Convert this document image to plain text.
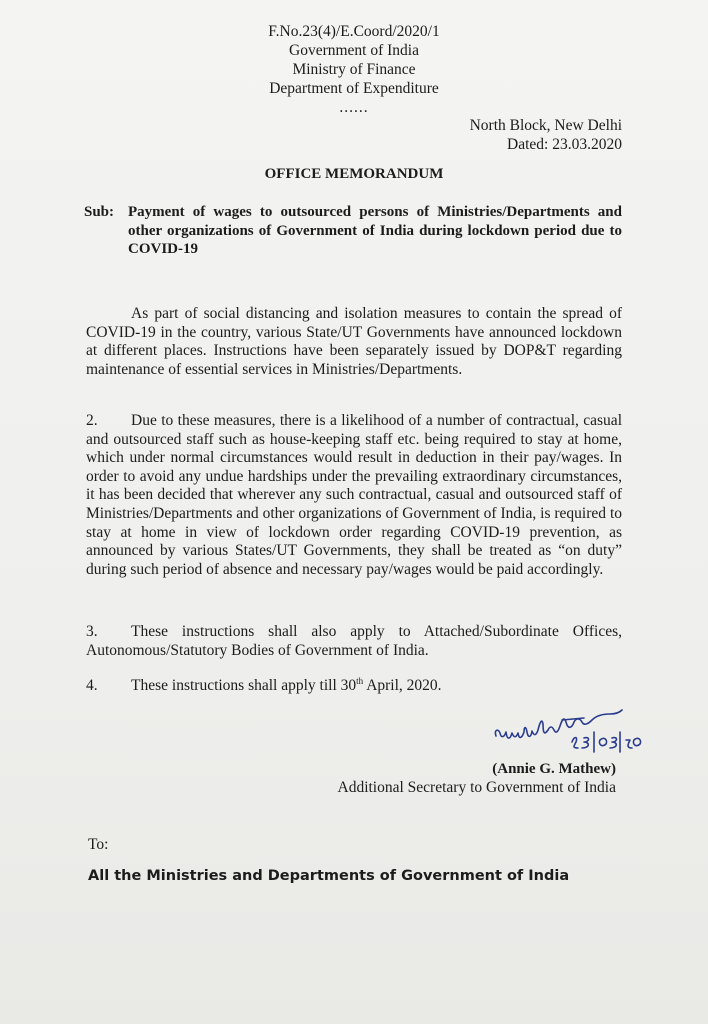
F.No.23(4)/E.Coord/2020/1
Government of India
Ministry of Finance
Department of Expenditure
......
North Block, New Delhi
Dated: 23.03.2020
OFFICE MEMORANDUM
Sub: Payment of wages to outsourced persons of Ministries/Departments and other organizations of Government of India during lockdown period due to COVID-19
As part of social distancing and isolation measures to contain the spread of COVID-19 in the country, various State/UT Governments have announced lockdown at different places. Instructions have been separately issued by DOP&T regarding maintenance of essential services in Ministries/Departments.
2. Due to these measures, there is a likelihood of a number of contractual, casual and outsourced staff such as house-keeping staff etc. being required to stay at home, which under normal circumstances would result in deduction in their pay/wages. In order to avoid any undue hardships under the prevailing extraordinary circumstances, it has been decided that wherever any such contractual, casual and outsourced staff of Ministries/Departments and other organizations of Government of India, is required to stay at home in view of lockdown order regarding COVID-19 prevention, as announced by various States/UT Governments, they shall be treated as “on duty” during such period of absence and necessary pay/wages would be paid accordingly.
3. These instructions shall also apply to Attached/Subordinate Offices, Autonomous/Statutory Bodies of Government of India.
4. These instructions shall apply till 30th April, 2020.
(Annie G. Mathew)
Additional Secretary to Government of India
To:
All the Ministries and Departments of Government of India
